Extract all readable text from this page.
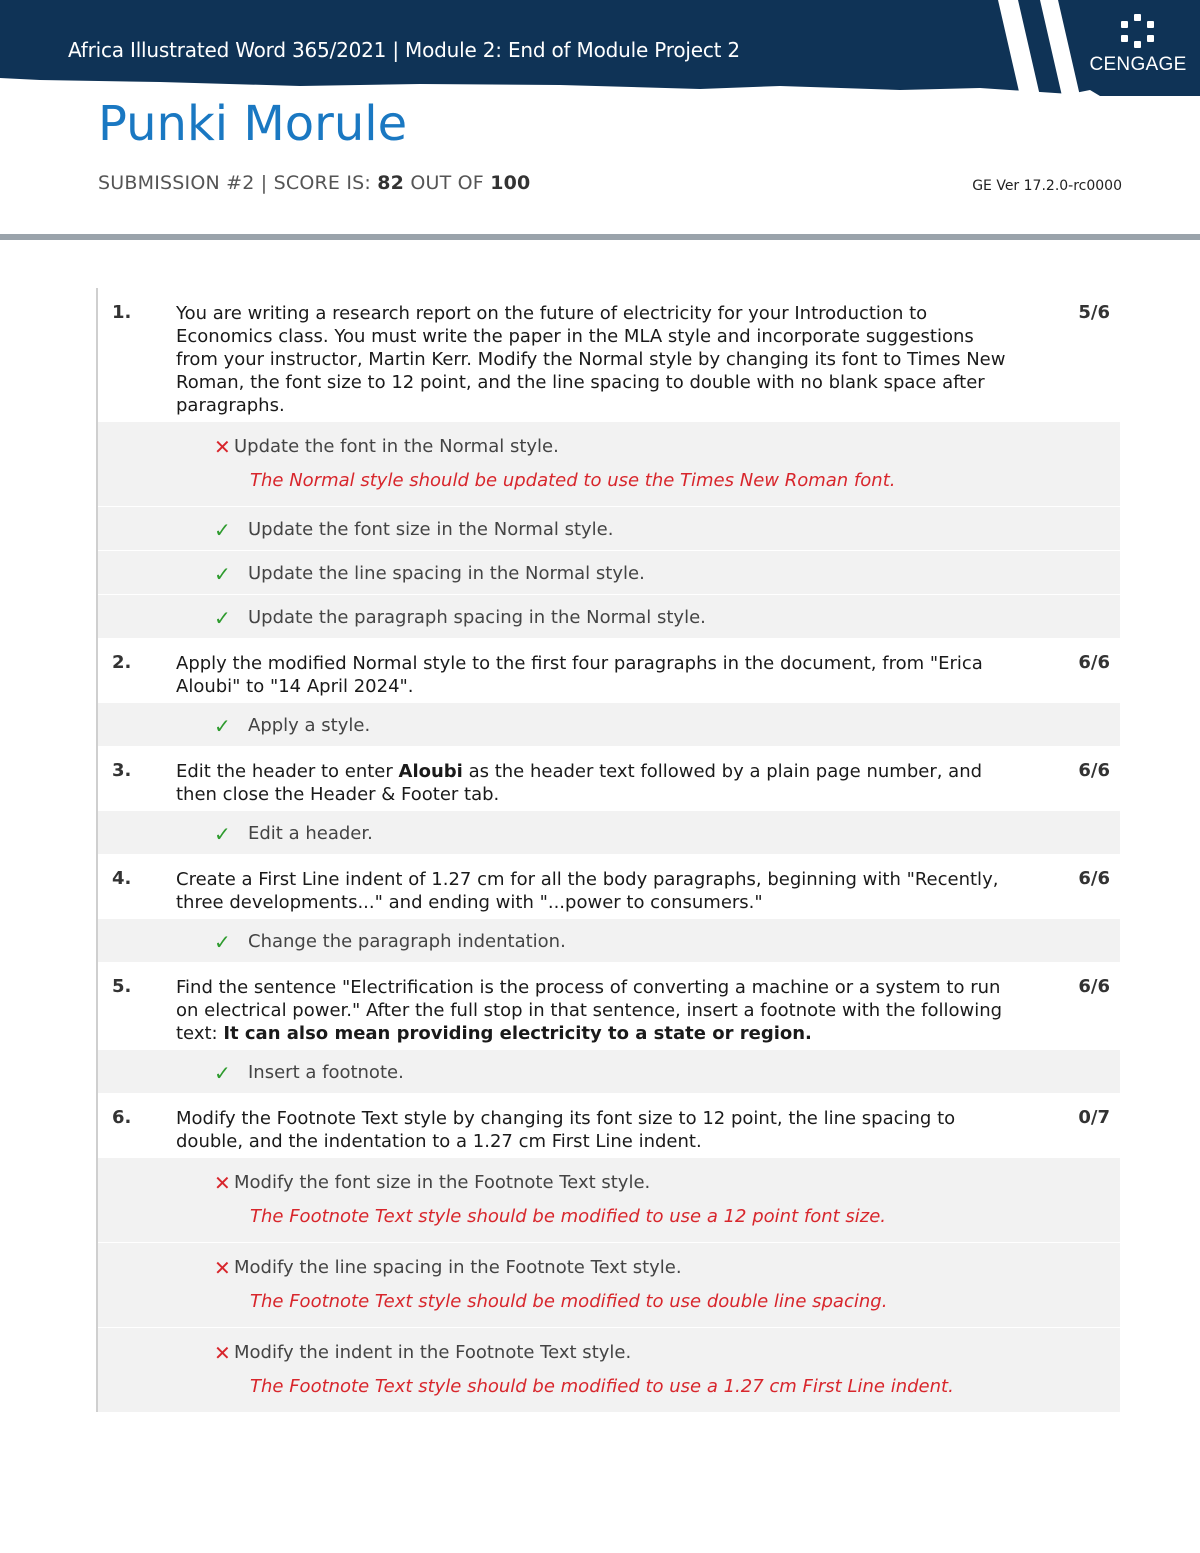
Africa Illustrated Word 365/2021 | Module 2: End of Module Project 2
CENGAGE
Punki Morule
SUBMISSION #2 | SCORE IS: 82 OUT OF 100	GE Ver 17.2.0-rc0000
1.	You are writing a research report on the future of electricity for your Introduction to Economics class. You must write the paper in the MLA style and incorporate suggestions from your instructor, Martin Kerr. Modify the Normal style by changing its font to Times New Roman, the font size to 12 point, and the line spacing to double with no blank space after paragraphs.
5/6
✕ Update the font in the Normal style.
The Normal style should be updated to use the Times New Roman font.
✓ Update the font size in the Normal style.
✓ Update the line spacing in the Normal style.
✓ Update the paragraph spacing in the Normal style.
2.	Apply the modified Normal style to the first four paragraphs in the document, from "Erica Aloubi" to "14 April 2024".
6/6
✓ Apply a style.
3.	Edit the header to enter Aloubi as the header text followed by a plain page number, and then close the Header & Footer tab.
6/6
✓ Edit a header.
4.	Create a First Line indent of 1.27 cm for all the body paragraphs, beginning with "Recently, three developments..." and ending with "...power to consumers."
6/6
✓ Change the paragraph indentation.
5.	Find the sentence "Electrification is the process of converting a machine or a system to run on electrical power." After the full stop in that sentence, insert a footnote with the following text: It can also mean providing electricity to a state or region.
6/6
✓ Insert a footnote.
6.	Modify the Footnote Text style by changing its font size to 12 point, the line spacing to double, and the indentation to a 1.27 cm First Line indent.
0/7
✕ Modify the font size in the Footnote Text style.
The Footnote Text style should be modified to use a 12 point font size.
✕ Modify the line spacing in the Footnote Text style.
The Footnote Text style should be modified to use double line spacing.
✕ Modify the indent in the Footnote Text style.
The Footnote Text style should be modified to use a 1.27 cm First Line indent.
